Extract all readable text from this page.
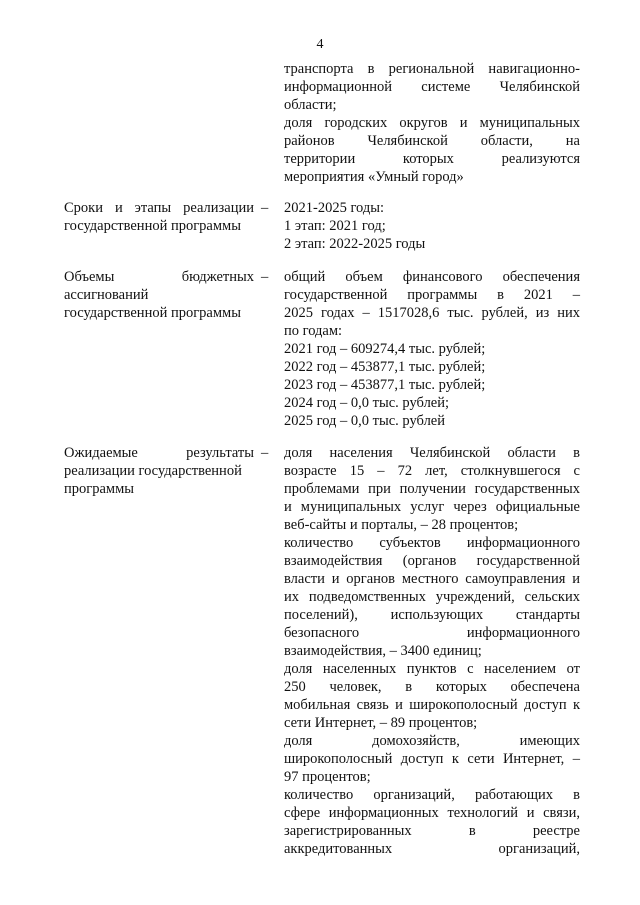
4
транспорта в региональной навигационно-
информационной системе Челябинской
области;
доля городских округов и муниципальных
районов Челябинской области, на
территории которых реализуются
мероприятия «Умный город»
Сроки и этапы реализации
государственной программы
–	2021-2025 годы:
1 этап: 2021 год;
2 этап: 2022-2025 годы
Объемы бюджетных
ассигнований
государственной программы
–	общий объем финансового обеспечения
государственной программы в 2021 –
2025 годах – 1517028,6 тыс. рублей, из них
по годам:
2021 год – 609274,4 тыс. рублей;
2022 год – 453877,1 тыс. рублей;
2023 год – 453877,1 тыс. рублей;
2024 год – 0,0 тыс. рублей;
2025 год – 0,0 тыс. рублей
Ожидаемые результаты
реализации государственной
программы
–	доля населения Челябинской области в
возрасте 15 – 72 лет, столкнувшегося с
проблемами при получении государственных
и муниципальных услуг через официальные
веб-сайты и порталы, – 28 процентов;
количество субъектов информационного
взаимодействия (органов государственной
власти и органов местного самоуправления и
их подведомственных учреждений, сельских
поселений), использующих стандарты
безопасного информационного
взаимодействия, – 3400 единиц;
доля населенных пунктов с населением от
250 человек, в которых обеспечена
мобильная связь и широкополосный доступ к
сети Интернет, – 89 процентов;
доля домохозяйств, имеющих
широкополосный доступ к сети Интернет, –
97 процентов;
количество организаций, работающих в
сфере информационных технологий и связи,
зарегистрированных в реестре
аккредитованных организаций,
